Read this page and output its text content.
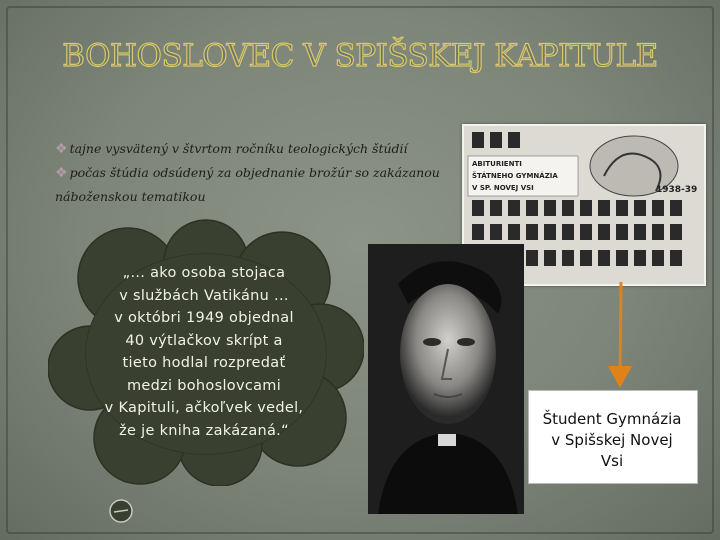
BOHOSLOVEC V SPIŠSKEJ KAPITULE
❖ tajne vysvätený v štvrtom ročníku teologických štúdií
❖ počas štúdia odsúdený za objednanie brožúr so zakázanou náboženskou tematikou
„... ako osoba stojaca
v službách Vatikánu ...
v októbri 1949 objednal
40 výtlačkov skrípt a
tieto hodlal rozpredať
medzi bohoslovcami
v Kapituli, ačkoľvek vedel,
že je kniha zakázaná.“
ABITURIENTI
ŠTÁTNEHO GYMNÁZIA
V SP. NOVEJ VSI	1938-39
Študent Gymnázia
v Spišskej Novej
Vsi
